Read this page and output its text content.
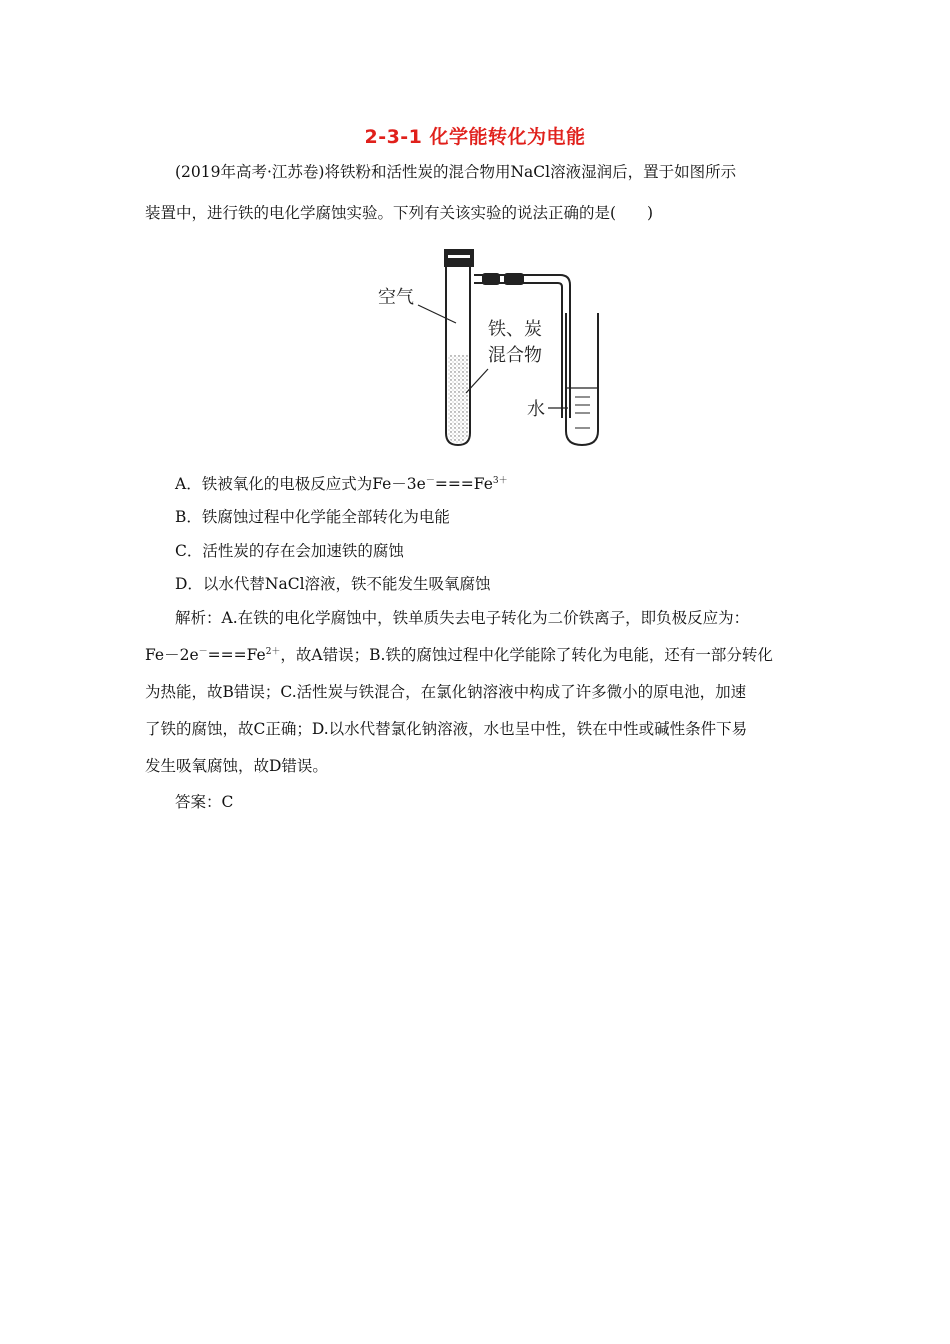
2-3-1 化学能转化为电能
(2019年高考·江苏卷)将铁粉和活性炭的混合物用NaCl溶液湿润后，置于如图所示
装置中，进行铁的电化学腐蚀实验。下列有关该实验的说法正确的是(　　)
空气
铁、炭
混合物
水
A．铁被氧化的电极反应式为$Fe-3e^-===Fe^{3+}$
B．铁腐蚀过程中化学能全部转化为电能
C．活性炭的存在会加速铁的腐蚀
D．以水代替NaCl溶液，铁不能发生吸氧腐蚀
解析：A.在铁的电化学腐蚀中，铁单质失去电子转化为二价铁离子，即负极反应为：
$Fe-2e^-===Fe^{2+}$，故A错误；B.铁的腐蚀过程中化学能除了转化为电能，还有一部分转化
为热能，故B错误；C.活性炭与铁混合，在氯化钠溶液中构成了许多微小的原电池，加速
了铁的腐蚀，故C正确；D.以水代替氯化钠溶液，水也呈中性，铁在中性或碱性条件下易
发生吸氧腐蚀，故D错误。
答案：C
